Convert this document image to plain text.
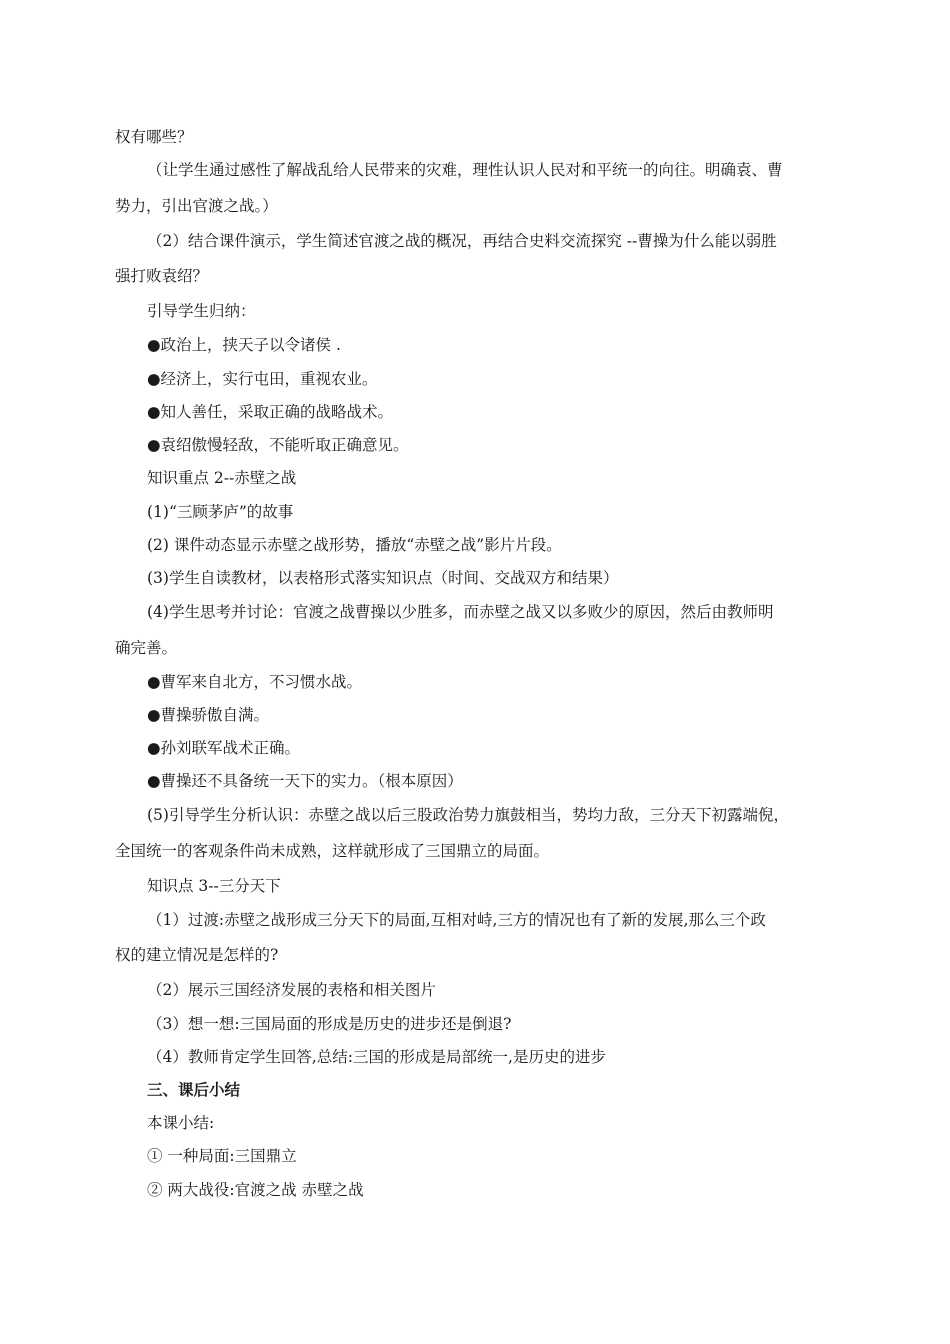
权有哪些？
（让学生通过感性了解战乱给人民带来的灾难，理性认识人民对和平统一的向往。明确袁、曹
势力，引出官渡之战。）
（2）结合课件演示，学生简述官渡之战的概况，再结合史料交流探究 --曹操为什么能以弱胜
强打败袁绍？
引导学生归纳：
●政治上，挟天子以令诸侯 .
●经济上，实行屯田，重视农业。
●知人善任，采取正确的战略战术。
●袁绍傲慢轻敌，不能听取正确意见。
知识重点 2--赤壁之战
(1)“三顾茅庐”的故事
(2) 课件动态显示赤壁之战形势，播放“赤壁之战”影片片段。
(3)学生自读教材，以表格形式落实知识点（时间、交战双方和结果）
(4)学生思考并讨论：官渡之战曹操以少胜多，而赤壁之战又以多败少的原因，然后由教师明
确完善。
●曹军来自北方，不习惯水战。
●曹操骄傲自满。
●孙刘联军战术正确。
●曹操还不具备统一天下的实力。（根本原因）
(5)引导学生分析认识：赤壁之战以后三股政治势力旗鼓相当，势均力敌，三分天下初露端倪，
全国统一的客观条件尚未成熟，这样就形成了三国鼎立的局面。
知识点 3--三分天下
（1）过渡:赤壁之战形成三分天下的局面,互相对峙,三方的情况也有了新的发展,那么三个政
权的建立情况是怎样的?
（2）展示三国经济发展的表格和相关图片
（3）想一想:三国局面的形成是历史的进步还是倒退?
（4）教师肯定学生回答,总结:三国的形成是局部统一,是历史的进步
三、课后小结
本课小结:
① 一种局面:三国鼎立
② 两大战役:官渡之战 赤壁之战
